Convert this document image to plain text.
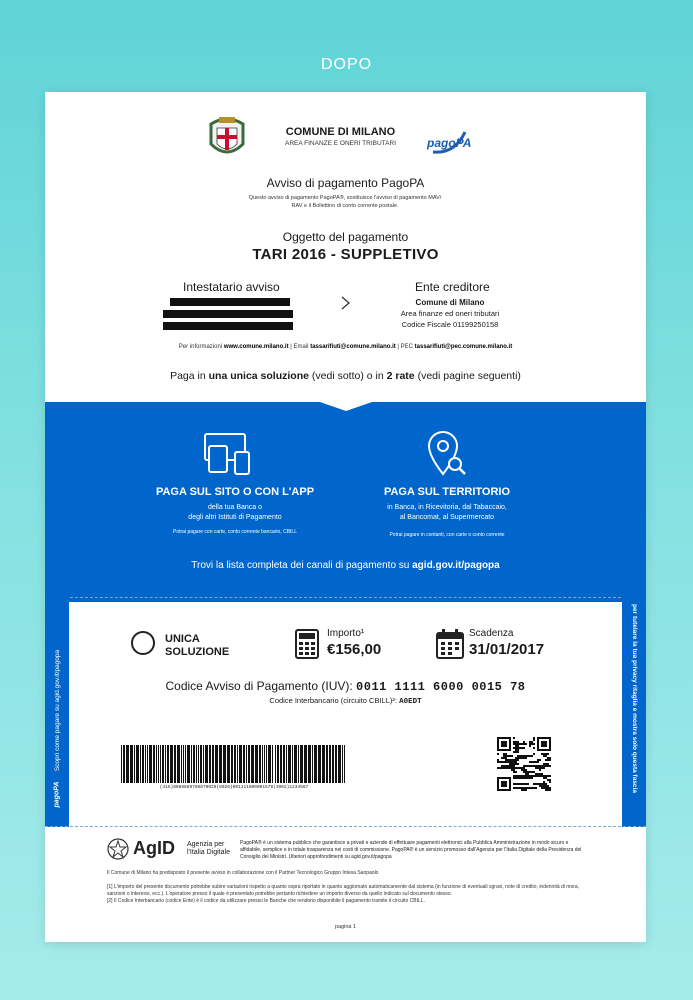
DOPO
COMUNE DI MILANO
AREA FINANZE E ONERI TRIBUTARI	pagoPA
Avviso di pagamento PagoPA
Questo avviso di pagamento PagoPA®, sostituisce l'avviso di pagamento MAV/ RAV e il Bollettino di conto corrente postale.
Oggetto del pagamento
TARI 2016 - SUPPLETIVO
Intestatario avviso	Ente creditore
Comune di Milano
Area finanze ed oneri tributari
Codice Fiscale 01199250158
Per informazioni www.comune.milano.it | Email tassarifiuti@comune.milano.it | PEC tassarifiuti@pec.comune.milano.it
Paga in una unica soluzione (vedi sotto) o in 2 rate (vedi pagine seguenti)
PAGA SUL SITO O CON L'APP
della tua Banca o
degli altri Istituti di Pagamento
Potrai pagare con carte, conto corrente bancario, CBILL
PAGA SUL TERRITORIO
in Banca, in Ricevitoria, dal Tabaccaio,
al Bancomat, al Supermercato
Potrai pagare in contanti, con carte o conto corrente
Trovi la lista completa dei canali di pagamento su agid.gov.it/pagopa
Scopri come pagare su agid.gov.it/pagopa
pagoPA
per tutelare la tua privacy ritaglia e mostra solo questa fascia
UNICA
SOLUZIONE
Importo¹
€156,00
Scadenza
31/01/2017
Codice Avviso di Pagamento (IUV): 0011 1111 6000 0015 78
Codice Interbancario (circuito CBILL)²: A0EDT
(415)8088889766679020(8020)001111600001578(3902)1234567
AgID Agenzia per
l'Italia Digitale
PagoPA® è un sistema pubblico che garantisce a privati e aziende di effettuare pagamenti elettronici alla Pubblica Amministrazione in modo sicuro e affidabile, semplice e in totale trasparenza nei costi di commissione. PagoPA® è un servizio promosso dall'Agenzia per l'Italia Digitale della Presidenza del Consiglio dei Ministri. Ulteriori approfondimenti su agid.gov.it/pagopa
Il Comune di Milano ha predisposto il presente avviso in collaborazione con il Partner Tecnologico Gruppo Intesa Sanpaolo
[1] L'importo del presente documento potrebbe subire variazioni rispetto a quanto sopra riportato in quanto aggiornato automaticamente dal sistema (in funzione di eventuali sgravi, note di credito, indennità di mora, sanzioni o interessi, ecc.). L'operatore presso il quale è presentato potrebbe pertanto richiedere un importo diverso da quello indicato sul documento stesso.
[2] Il Codice Interbancario (codice Ente) è il codice da utilizzare presso le Banche che rendono disponibile il pagamento tramite il circuito CBILL.
pagina 1
